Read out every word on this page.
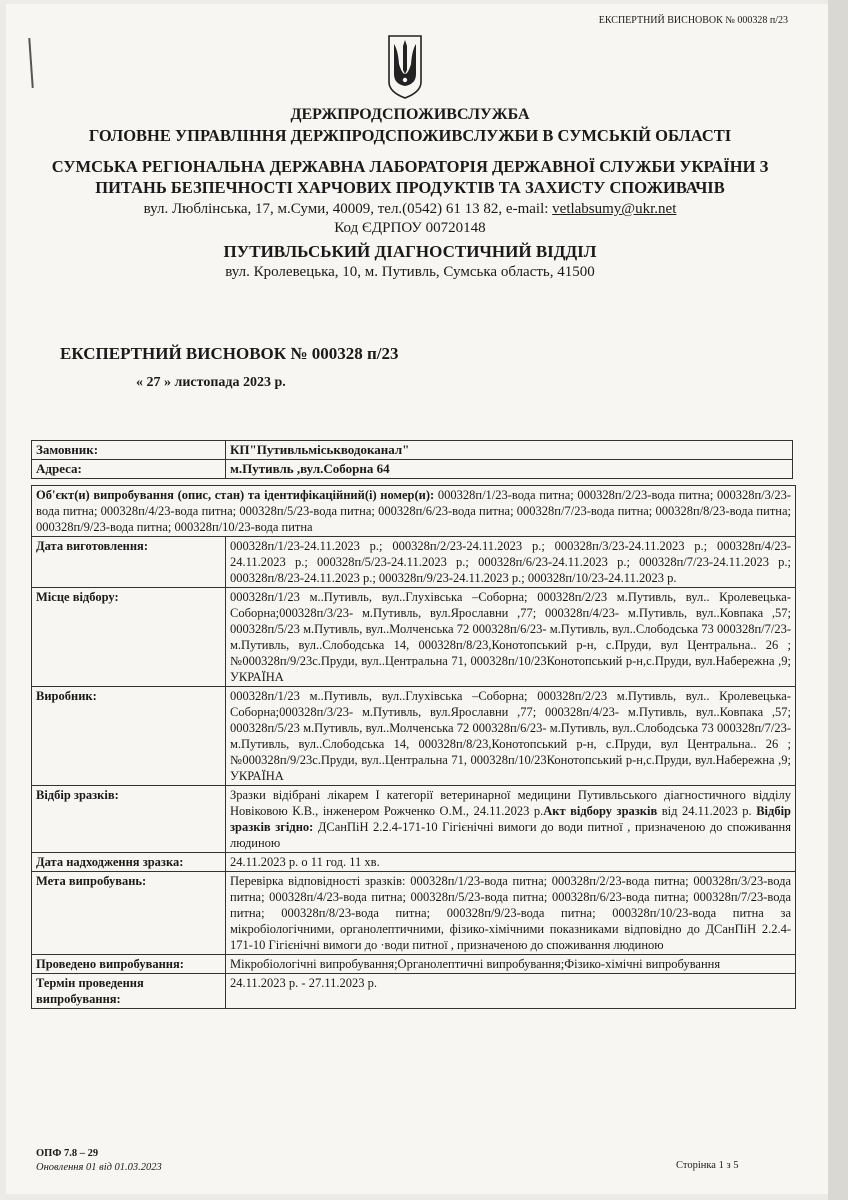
ЕКСПЕРТНИЙ ВИСНОВОК № 000328 п/23
ДЕРЖПРОДСПОЖИВСЛУЖБА
ГОЛОВНЕ УПРАВЛІННЯ ДЕРЖПРОДСПОЖИВСЛУЖБИ В СУМСЬКІЙ ОБЛАСТІ
СУМСЬКА РЕГІОНАЛЬНА ДЕРЖАВНА ЛАБОРАТОРІЯ ДЕРЖАВНОЇ СЛУЖБИ УКРАЇНИ З
ПИТАНЬ БЕЗПЕЧНОСТІ ХАРЧОВИХ ПРОДУКТІВ ТА ЗАХИСТУ СПОЖИВАЧІВ
вул. Люблінська, 17, м.Суми, 40009, тел.(0542) 61 13 82, e-mail: vetlabsumy@ukr.net
Код ЄДРПОУ 00720148
ПУТИВЛЬСЬКИЙ ДІАГНОСТИЧНИЙ ВІДДІЛ
вул. Кролевецька, 10, м. Путивль, Сумська область, 41500
ЕКСПЕРТНИЙ ВИСНОВОК № 000328 п/23
« 27 » листопада 2023 р.
Замовник:	КП"Путивльміськводоканал"
Адреса:	м.Путивль ,вул.Соборна 64
Об'єкт(и) випробування (опис, стан) та ідентифікаційний(і) номер(и): 000328п/1/23-вода питна; 000328п/2/23-вода питна; 000328п/3/23-вода питна; 000328п/4/23-вода питна; 000328п/5/23-вода питна; 000328п/6/23-вода питна; 000328п/7/23-вода питна; 000328п/8/23-вода питна; 000328п/9/23-вода питна; 000328п/10/23-вода питна	
Дата виготовлення:	000328п/1/23-24.11.2023 р.; 000328п/2/23-24.11.2023 р.; 000328п/3/23-24.11.2023 р.; 000328п/4/23-24.11.2023 р.; 000328п/5/23-24.11.2023 р.; 000328п/6/23-24.11.2023 р.; 000328п/7/23-24.11.2023 р.; 000328п/8/23-24.11.2023 р.; 000328п/9/23-24.11.2023 р.; 000328п/10/23-24.11.2023 р.
Місце відбору:	000328п/1/23 м..Путивль, вул..Глухівська –Соборна; 000328п/2/23 м.Путивль, вул.. Кролевецька-Соборна;000328п/3/23- м.Путивль, вул.Ярославни ,77; 000328п/4/23- м.Путивль, вул..Ковпака ,57; 000328п/5/23 м.Путивль, вул..Молченська 72 000328п/6/23- м.Путивль, вул..Слободська 73 000328п/7/23- м.Путивль, вул..Слободська 14, 000328п/8/23,Конотопський р-н, с.Пруди, вул Центральна.. 26 ; №000328п/9/23с.Пруди, вул..Центральна 71, 000328п/10/23Конотопський р-н,с.Пруди, вул.Набережна ,9; УКРАЇНА
Виробник:	000328п/1/23 м..Путивль, вул..Глухівська –Соборна; 000328п/2/23 м.Путивль, вул.. Кролевецька-Соборна;000328п/3/23- м.Путивль, вул.Ярославни ,77; 000328п/4/23- м.Путивль, вул..Ковпака ,57; 000328п/5/23 м.Путивль, вул..Молченська 72 000328п/6/23- м.Путивль, вул..Слободська 73 000328п/7/23- м.Путивль, вул..Слободська 14, 000328п/8/23,Конотопський р-н, с.Пруди, вул Центральна.. 26 ; №000328п/9/23с.Пруди, вул..Центральна 71, 000328п/10/23Конотопський р-н,с.Пруди, вул.Набережна ,9; УКРАЇНА
Відбір зразків:	Зразки відібрані лікарем І категорії ветеринарної медицини Путивльського діагностичного відділу Новіковою К.В., інженером Рожченко О.М., 24.11.2023 р.Акт відбору зразків від 24.11.2023 р. Відбір зразків згідно: ДСанПіН 2.2.4-171-10 Гігієнічні вимоги до води питної , призначеною до споживання людиною
Дата надходження зразка:	24.11.2023 р. о 11 год. 11 хв.
Мета випробувань:	Перевірка відповідності зразків: 000328п/1/23-вода питна; 000328п/2/23-вода питна; 000328п/3/23-вода питна; 000328п/4/23-вода питна; 000328п/5/23-вода питна; 000328п/6/23-вода питна; 000328п/7/23-вода питна; 000328п/8/23-вода питна; 000328п/9/23-вода питна; 000328п/10/23-вода питна за мікробіологічними, органолептичними, фізико-хімічними показниками відповідно до ДСанПіН 2.2.4-171-10 Гігієнічні вимоги до ·води питної , призначеною до споживання людиною
Проведено випробування:	Мікробіологічні випробування;Органолептичні випробування;Фізико-хімічні випробування
Термін проведення випробування:	24.11.2023 р. - 27.11.2023 р.
ОПФ 7.8 – 29
Оновлення 01 від 01.03.2023	Сторінка 1 з 5
